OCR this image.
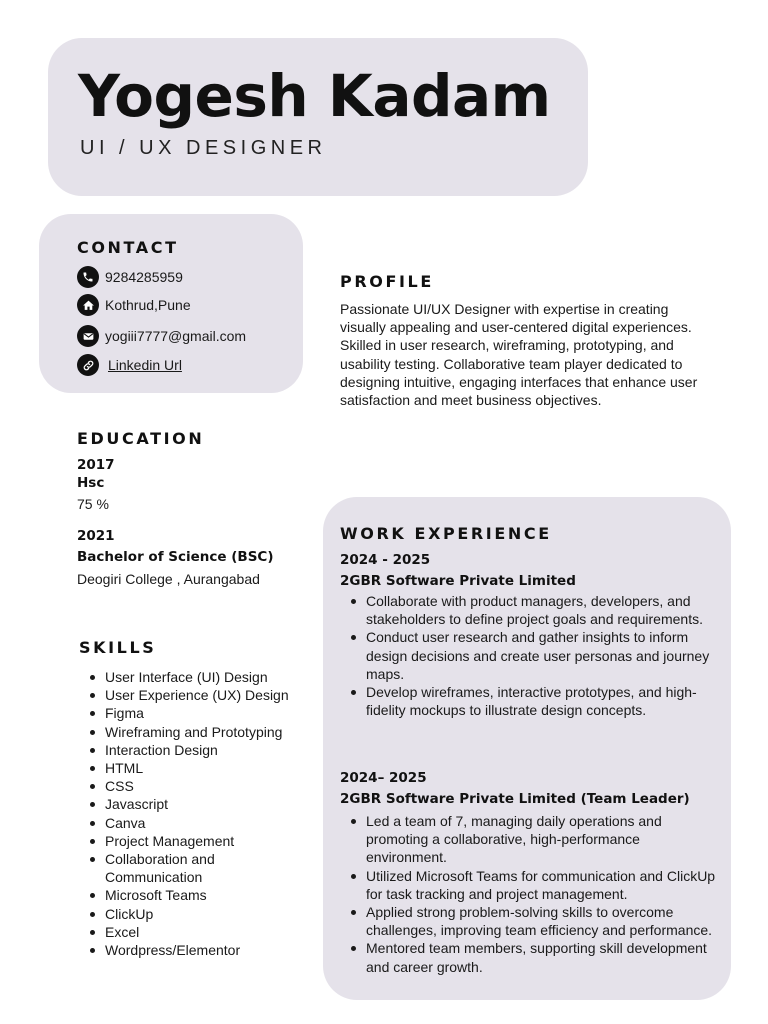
Yogesh Kadam
UI / UX DESIGNER
CONTACT
9284285959
Kothrud,Pune
yogiii7777@gmail.com
Linkedin Url
PROFILE
Passionate UI/UX Designer with expertise in creating visually appealing and user-centered digital experiences. Skilled in user research, wireframing, prototyping, and usability testing. Collaborative team player dedicated to designing intuitive, engaging interfaces that enhance user satisfaction and meet business objectives.
EDUCATION
2017
Hsc
75 %
2021
Bachelor of Science (BSC)
Deogiri College , Aurangabad
SKILLS
User Interface (UI) Design
User Experience (UX) Design
Figma
Wireframing and Prototyping
Interaction Design
HTML
CSS
Javascript
Canva
Project Management
Collaboration and Communication
Microsoft Teams
ClickUp
Excel
Wordpress/Elementor
WORK EXPERIENCE
2024 - 2025
2GBR Software Private Limited
Collaborate with product managers, developers, and stakeholders to define project goals and requirements.
Conduct user research and gather insights to inform design decisions and create user personas and journey maps.
Develop wireframes, interactive prototypes, and high-fidelity mockups to illustrate design concepts.
2024– 2025
2GBR Software Private Limited (Team Leader)
Led a team of 7, managing daily operations and promoting a collaborative, high-performance environment.
Utilized Microsoft Teams for communication and ClickUp for task tracking and project management.
Applied strong problem-solving skills to overcome challenges, improving team efficiency and performance.
Mentored team members, supporting skill development and career growth.
